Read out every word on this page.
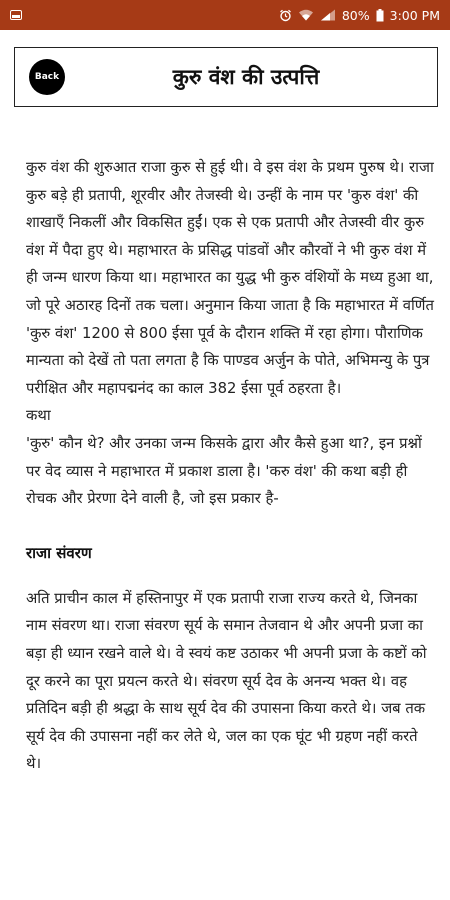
80% 3:00 PM
Back	कुरु वंश की उत्पत्ति

कुरु वंश की शुरुआत राजा कुरु से हुई थी। वे इस वंश के प्रथम पुरुष थे। राजा कुरु बड़े ही प्रतापी, शूरवीर और तेजस्वी थे। उन्हीं के नाम पर 'कुरु वंश' की शाखाएँ निकलीं और विकसित हुईं। एक से एक प्रतापी और तेजस्वी वीर कुरु वंश में पैदा हुए थे। महाभारत के प्रसिद्ध पांडवों और कौरवों ने भी कुरु वंश में ही जन्म धारण किया था। महाभारत का युद्ध भी कुरु वंशियों के मध्य हुआ था, जो पूरे अठारह दिनों तक चला। अनुमान किया जाता है कि महाभारत में वर्णित 'कुरु वंश' 1200 से 800 ईसा पूर्व के दौरान शक्ति में रहा होगा। पौराणिक मान्यता को देखें तो पता लगता है कि पाण्डव अर्जुन के पोते, अभिमन्यु के पुत्र परीक्षित और महापद्मनंद का काल 382 ईसा पूर्व ठहरता है।

कथा

'कुरु' कौन थे? और उनका जन्म किसके द्वारा और कैसे हुआ था?, इन प्रश्नों पर वेद व्यास ने महाभारत में प्रकाश डाला है। 'करु वंश' की कथा बड़ी ही रोचक और प्रेरणा देने वाली है, जो इस प्रकार है-

राजा संवरण

अति प्राचीन काल में हस्तिनापुर में एक प्रतापी राजा राज्य करते थे, जिनका नाम संवरण था। राजा संवरण सूर्य के समान तेजवान थे और अपनी प्रजा का बड़ा ही ध्यान रखने वाले थे। वे स्वयं कष्ट उठाकर भी अपनी प्रजा के कष्टों को दूर करने का पूरा प्रयत्न करते थे। संवरण सूर्य देव के अनन्य भक्त थे। वह प्रतिदिन बड़ी ही श्रद्धा के साथ सूर्य देव की उपासना किया करते थे। जब तक सूर्य देव की उपासना नहीं कर लेते थे, जल का एक घूंट भी ग्रहण नहीं करते थे।
